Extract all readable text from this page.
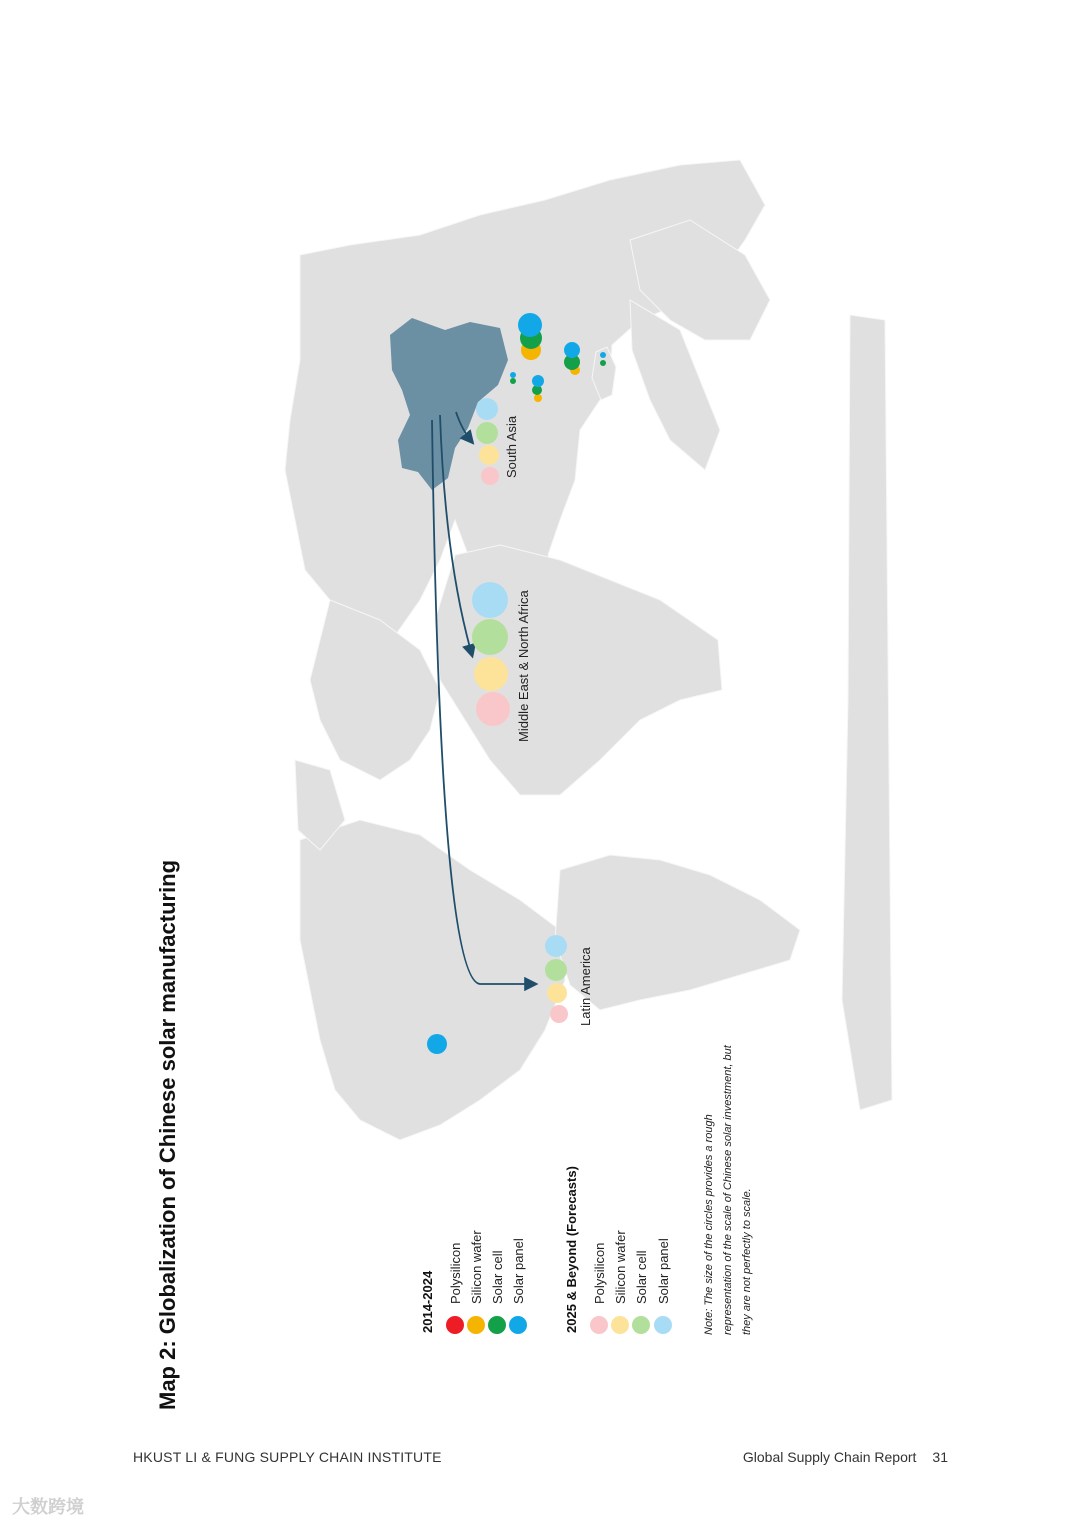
Map 2: Globalization of Chinese solar manufacturing
South Asia
Middle East & North Africa
Latin America
2014-2024 Polysilicon Silicon wafer Solar cell Solar panel	2025 & Beyond (Forecasts) Polysilicon Silicon wafer Solar cell Solar panel	Note: The size of the circles provides a rough representation of the scale of Chinese solar investment, but they are not perfectly to scale.
HKUST LI & FUNG SUPPLY CHAIN INSTITUTE	Global Supply Chain Report 31
大数跨境
